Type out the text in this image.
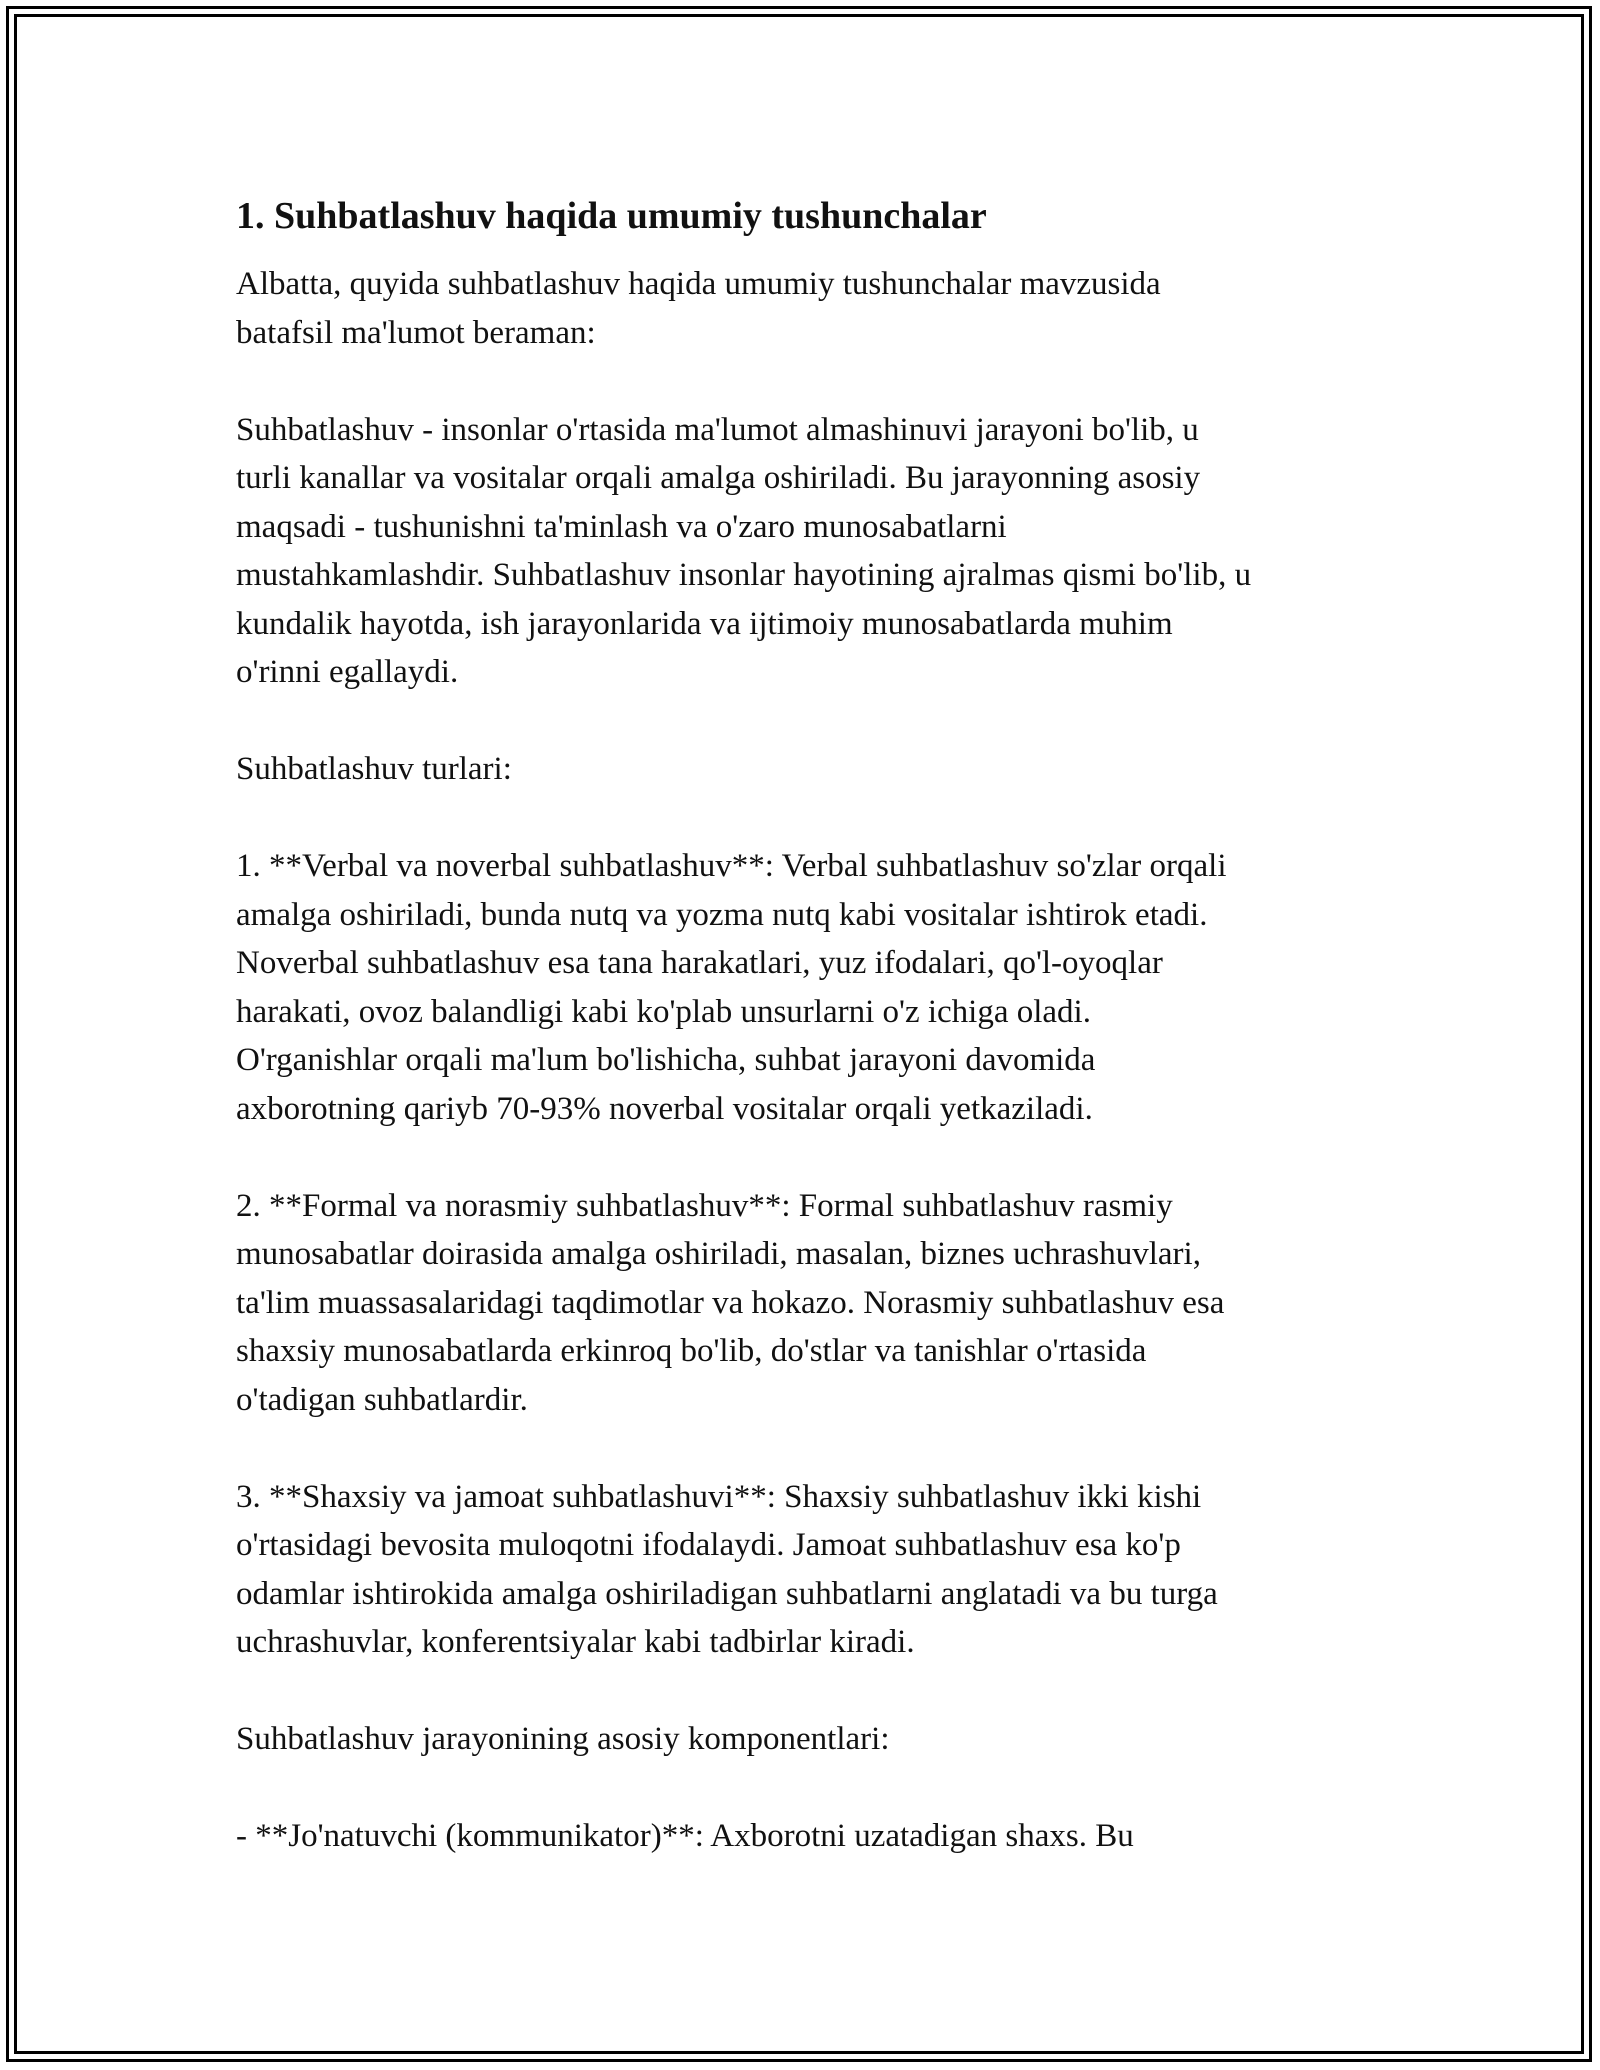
1. Suhbatlashuv haqida umumiy tushunchalar
Albatta, quyida suhbatlashuv haqida umumiy tushunchalar mavzusida
batafsil ma'lumot beraman:
Suhbatlashuv - insonlar o'rtasida ma'lumot almashinuvi jarayoni bo'lib, u
turli kanallar va vositalar orqali amalga oshiriladi. Bu jarayonning asosiy
maqsadi - tushunishni ta'minlash va o'zaro munosabatlarni
mustahkamlashdir. Suhbatlashuv insonlar hayotining ajralmas qismi bo'lib, u
kundalik hayotda, ish jarayonlarida va ijtimoiy munosabatlarda muhim
o'rinni egallaydi.
Suhbatlashuv turlari:
1. **Verbal va noverbal suhbatlashuv**: Verbal suhbatlashuv so'zlar orqali
amalga oshiriladi, bunda nutq va yozma nutq kabi vositalar ishtirok etadi.
Noverbal suhbatlashuv esa tana harakatlari, yuz ifodalari, qo'l-oyoqlar
harakati, ovoz balandligi kabi ko'plab unsurlarni o'z ichiga oladi.
O'rganishlar orqali ma'lum bo'lishicha, suhbat jarayoni davomida
axborotning qariyb 70-93% noverbal vositalar orqali yetkaziladi.
2. **Formal va norasmiy suhbatlashuv**: Formal suhbatlashuv rasmiy
munosabatlar doirasida amalga oshiriladi, masalan, biznes uchrashuvlari,
ta'lim muassasalaridagi taqdimotlar va hokazo. Norasmiy suhbatlashuv esa
shaxsiy munosabatlarda erkinroq bo'lib, do'stlar va tanishlar o'rtasida
o'tadigan suhbatlardir.
3. **Shaxsiy va jamoat suhbatlashuvi**: Shaxsiy suhbatlashuv ikki kishi
o'rtasidagi bevosita muloqotni ifodalaydi. Jamoat suhbatlashuv esa ko'p
odamlar ishtirokida amalga oshiriladigan suhbatlarni anglatadi va bu turga
uchrashuvlar, konferentsiyalar kabi tadbirlar kiradi.
Suhbatlashuv jarayonining asosiy komponentlari:
- **Jo'natuvchi (kommunikator)**: Axborotni uzatadigan shaxs. Bu
